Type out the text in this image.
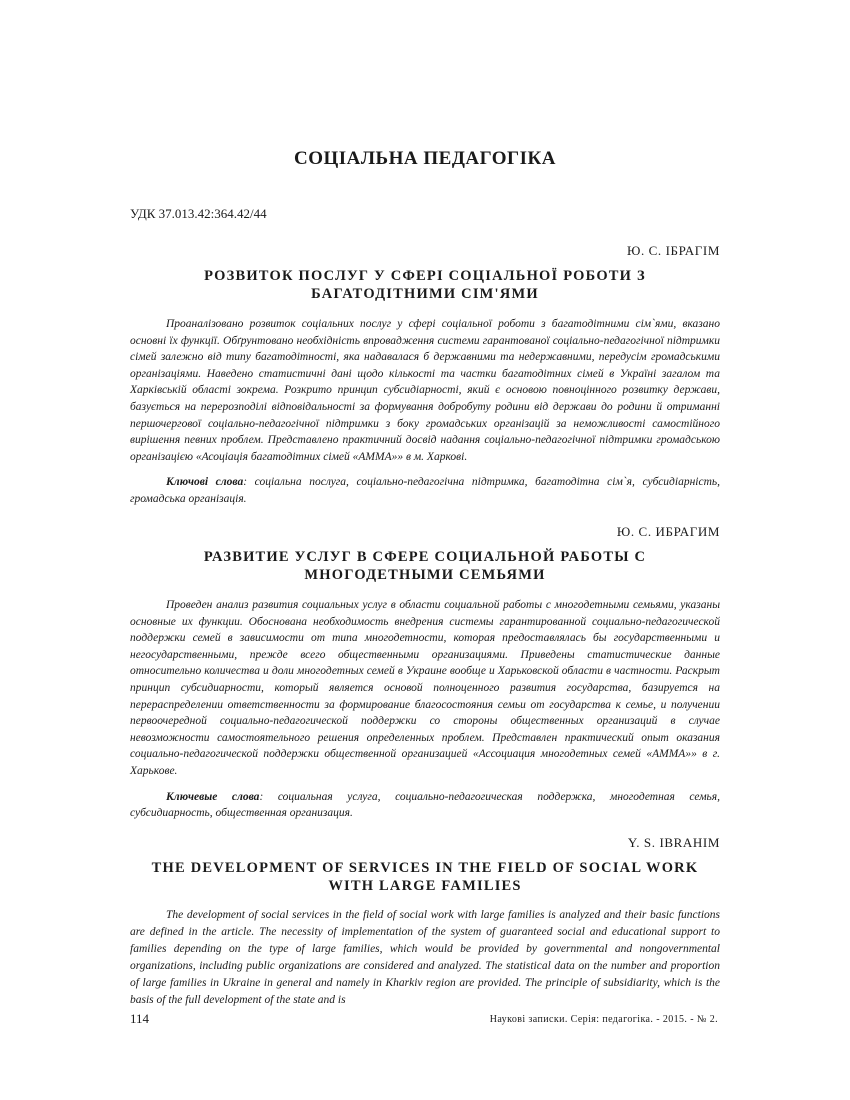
СОЦІАЛЬНА ПЕДАГОГІКА
УДК 37.013.42:364.42/44
Ю. С. ІБРАГІМ
РОЗВИТОК ПОСЛУГ У СФЕРІ СОЦІАЛЬНОЇ РОБОТИ З БАГАТОДІТНИМИ СІМ'ЯМИ

Проаналізовано розвиток соціальних послуг у сфері соціальної роботи з багатодітними сім`ями, вказано основні їх функції. Обґрунтовано необхідність впровадження системи гарантованої соціально-педагогічної підтримки сімей залежно від типу багатодітності, яка надавалася б державними та недержавними, передусім громадськими організаціями. Наведено статистичні дані щодо кількості та частки багатодітних сімей в Україні загалом та Харківській області зокрема. Розкрито принцип субсидіарності, який є основою повноцінного розвитку держави, базується на перерозподілі відповідальності за формування добробуту родини від держави до родини й отриманні першочергової соціально-педагогічної підтримки з боку громадських організацій за неможливості самостійного вирішення певних проблем. Представлено практичний досвід надання соціально-педагогічної підтримки громадською організацією «Асоціація багатодітних сімей «АММА»» в м. Харкові.

Ключові слова: соціальна послуга, соціально-педагогічна підтримка, багатодітна сім`я, субсидіарність, громадська організація.

Ю. С. ИБРАГИМ
РАЗВИТИЕ УСЛУГ В СФЕРЕ СОЦИАЛЬНОЙ РАБОТЫ С МНОГОДЕТНЫМИ СЕМЬЯМИ

Проведен анализ развития социальных услуг в области социальной работы с многодетными семьями, указаны основные их функции. Обоснована необходимость внедрения системы гарантированной социально-педагогической поддержки семей в зависимости от типа многодетности, которая предоставлялась бы государственными и негосударственными, прежде всего общественными организациями. Приведены статистические данные относительно количества и доли многодетных семей в Украине вообще и Харьковской области в частности. Раскрыт принцип субсидиарности, который является основой полноценного развития государства, базируется на перераспределении ответственности за формирование благосостояния семьи от государства к семье, и получении первоочередной социально-педагогической поддержки со стороны общественных организаций в случае невозможности самостоятельного решения определенных проблем. Представлен практический опыт оказания социально-педагогической поддержки общественной организацией «Ассоциация многодетных семей «АММА»» в г. Харькове.

Ключевые слова: социальная услуга, социально-педагогическая поддержка, многодетная семья, субсидиарность, общественная организация.

Y. S. IBRAHIM
THE DEVELOPMENT OF SERVICES IN THE FIELD OF SOCIAL WORK WITH LARGE FAMILIES

The development of social services in the field of social work with large families is analyzed and their basic functions are defined in the article. The necessity of implementation of the system of guaranteed social and educational support to families depending on the type of large families, which would be provided by governmental and nongovernmental organizations, including public organizations are considered and analyzed. The statistical data on the number and proportion of large families in Ukraine in general and namely in Kharkiv region are provided. The principle of subsidiarity, which is the basis of the full development of the state and is

114	Наукові записки. Серія: педагогіка. - 2015. - № 2.
